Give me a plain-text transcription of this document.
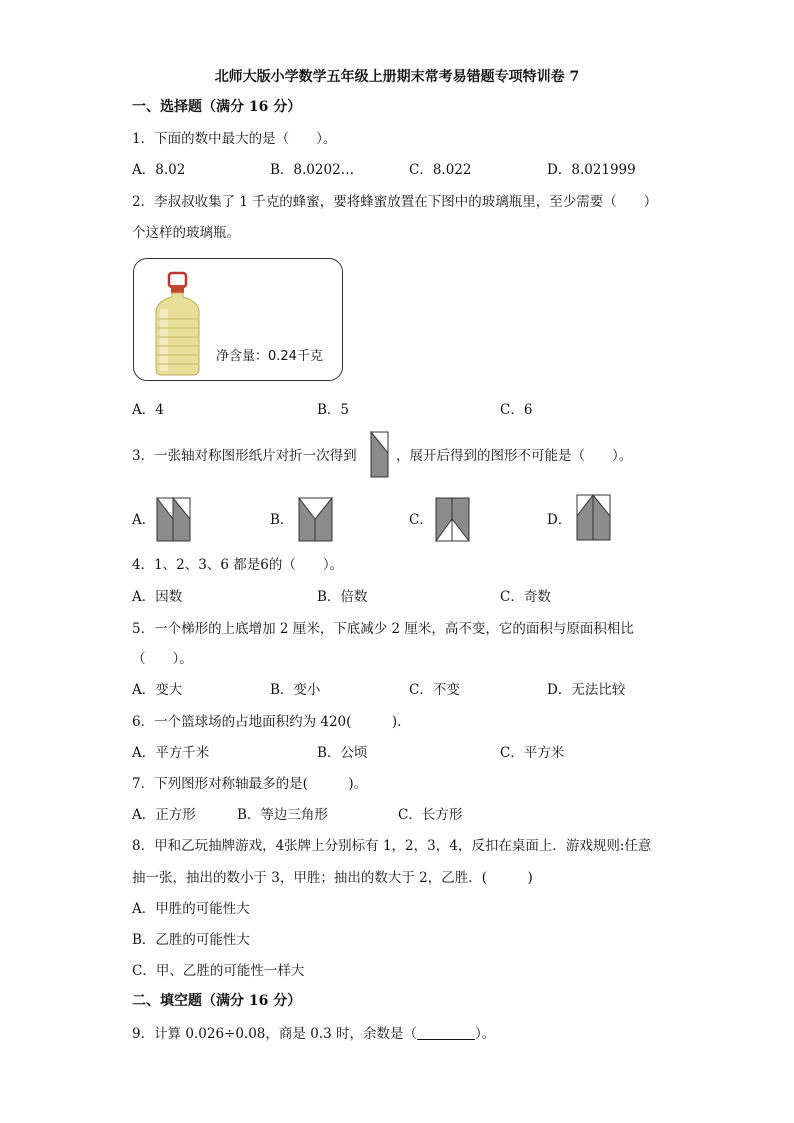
北师大版小学数学五年级上册期末常考易错题专项特训卷 7
一、选择题（满分 16 分）
1．下面的数中最大的是（　　）。
A．8.02	B．8.0202…	C．8.022	D．8.021999
2．李叔叔收集了 1 千克的蜂蜜，要将蜂蜜放置在下图中的玻璃瓶里，至少需要（　　）
个这样的玻璃瓶。
净含量：0.24千克
A．4	B．5	C．6
3．一张轴对称图形纸片对折一次得到	，展开后得到的图形不可能是（　　）。
A．	B．	C．	D．
4．1、2、3、6 都是6的（　　）。
A．因数	B．倍数	C．奇数
5．一个梯形的上底增加 2 厘米，下底减少 2 厘米，高不变，它的面积与原面积相比
（　　）。
A．变大	B．变小	C．不变	D．无法比较
6．一个篮球场的占地面积约为 420(　　　).
A．平方千米	B．公顷	C．平方米
7．下列图形对称轴最多的是(　　　)。
A．正方形	B．等边三角形	C．长方形
8．甲和乙玩抽牌游戏，4张牌上分别标有 1，2，3，4，反扣在桌面上．游戏规则:任意
抽一张，抽出的数小于 3，甲胜；抽出的数大于 2，乙胜．(　　　)
A．甲胜的可能性大
B．乙胜的可能性大
C．甲、乙胜的可能性一样大
二、填空题（满分 16 分）
9．计算 0.026÷0.08，商是 0.3 时，余数是（	）。
